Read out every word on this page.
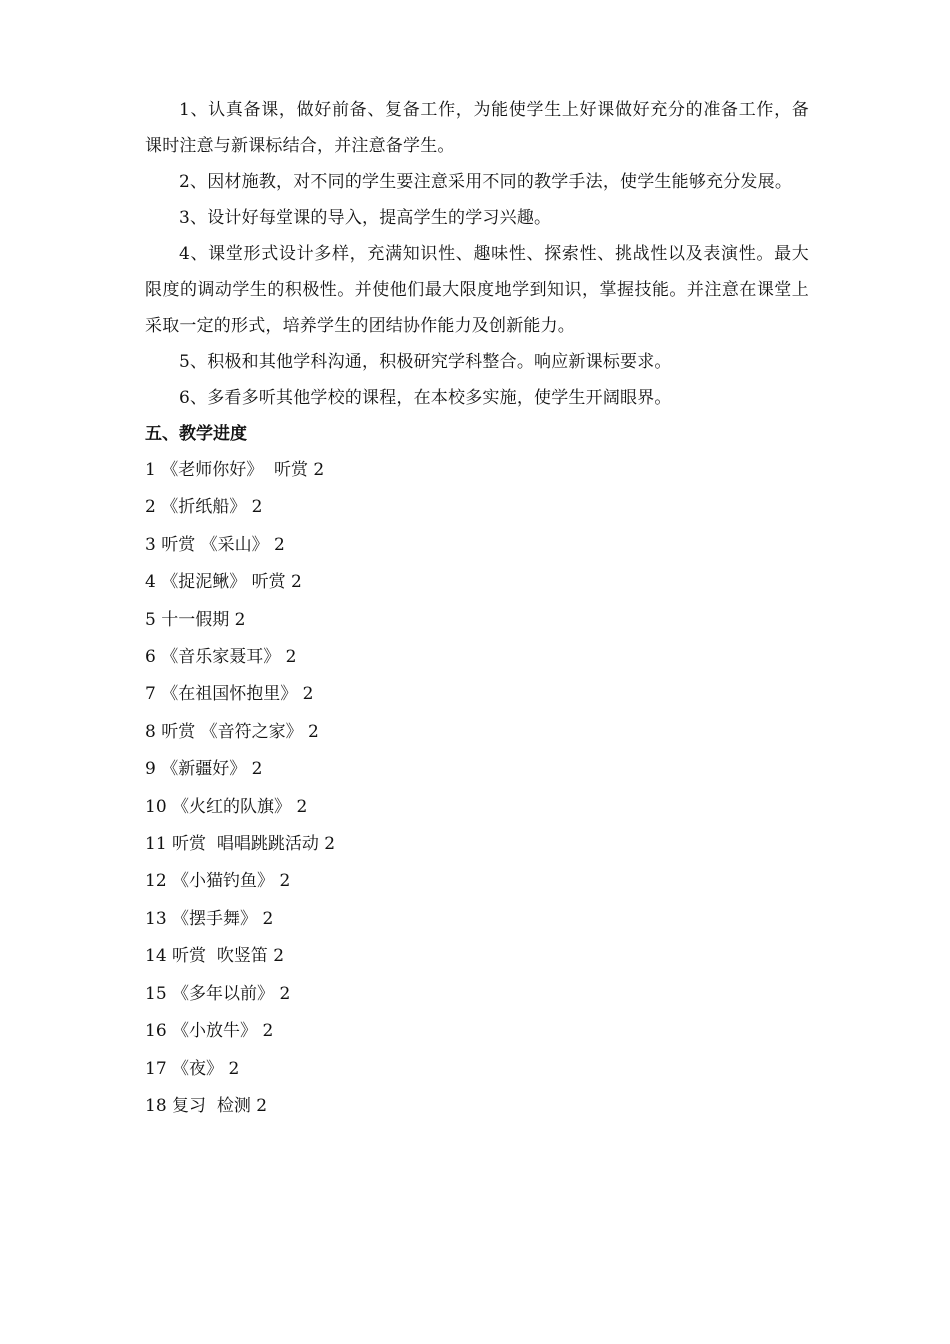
1、认真备课，做好前备、复备工作，为能使学生上好课做好充分的准备工作，备课时注意与新课标结合，并注意备学生。

2、因材施教，对不同的学生要注意采用不同的教学手法，使学生能够充分发展。

3、设计好每堂课的导入，提高学生的学习兴趣。

4、课堂形式设计多样，充满知识性、趣味性、探索性、挑战性以及表演性。最大限度的调动学生的积极性。并使他们最大限度地学到知识，掌握技能。并注意在课堂上采取一定的形式，培养学生的团结协作能力及创新能力。

5、积极和其他学科沟通，积极研究学科整合。响应新课标要求。

6、多看多听其他学校的课程，在本校多实施，使学生开阔眼界。

五、教学进度
1 《老师你好》  听赏 2
2 《折纸船》 2
3 听赏 《采山》 2
4 《捉泥鳅》 听赏 2
5 十一假期 2
6 《音乐家聂耳》 2
7 《在祖国怀抱里》 2
8 听赏 《音符之家》 2
9 《新疆好》 2
10 《火红的队旗》 2
11 听赏  唱唱跳跳活动 2
12 《小猫钓鱼》 2
13 《摆手舞》 2
14 听赏  吹竖笛 2
15 《多年以前》 2
16 《小放牛》 2
17 《夜》 2
18 复习  检测 2
